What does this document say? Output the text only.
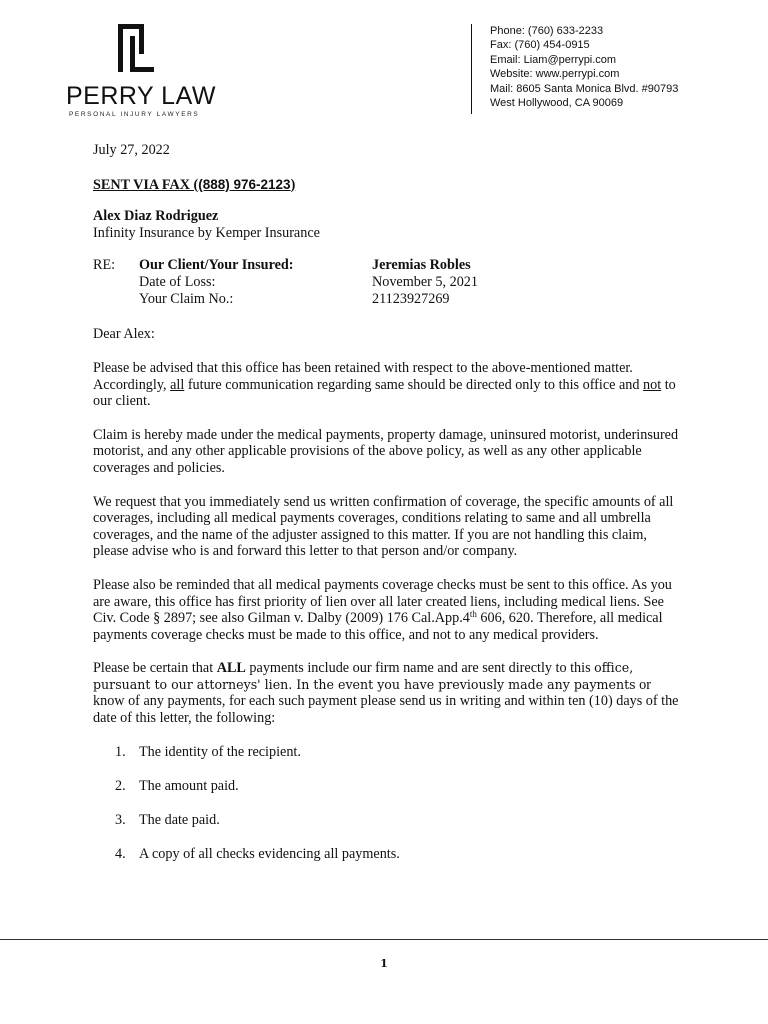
PERRY LAW
PERSONAL INJURY LAWYERS
Phone: (760) 633-2233
Fax: (760) 454-0915
Email: Liam@perrypi.com
Website: www.perrypi.com
Mail: 8605 Santa Monica Blvd. #90793
West Hollywood, CA 90069

July 27, 2022

SENT VIA FAX ((888) 976-2123)

Alex Diaz Rodriguez
Infinity Insurance by Kemper Insurance

RE: Our Client/Your Insured:	Jeremias Robles
Date of Loss:	November 5, 2021
Your Claim No.:	21123927269

Dear Alex:

Please be advised that this office has been retained with respect to the above-mentioned matter. Accordingly, all future communication regarding same should be directed only to this office and not to our client.

Claim is hereby made under the medical payments, property damage, uninsured motorist, underinsured motorist, and any other applicable provisions of the above policy, as well as any other applicable coverages and policies.

We request that you immediately send us written confirmation of coverage, the specific amounts of all coverages, including all medical payments coverages, conditions relating to same and all umbrella coverages, and the name of the adjuster assigned to this matter. If you are not handling this claim, please advise who is and forward this letter to that person and/or company.

Please also be reminded that all medical payments coverage checks must be sent to this office. As you are aware, this office has first priority of lien over all later created liens, including medical liens. See Civ. Code § 2897; see also Gilman v. Dalby (2009) 176 Cal.App.4th 606, 620. Therefore, all medical payments coverage checks must be made to this office, and not to any medical providers.

Please be certain that ALL payments include our firm name and are sent directly to this office, pursuant to our attorneys' lien. In the event you have previously made any payments or know of any payments, for each such payment please send us in writing and within ten (10) days of the date of this letter, the following:

1. The identity of the recipient.
2. The amount paid.
3. The date paid.
4. A copy of all checks evidencing all payments.
1
